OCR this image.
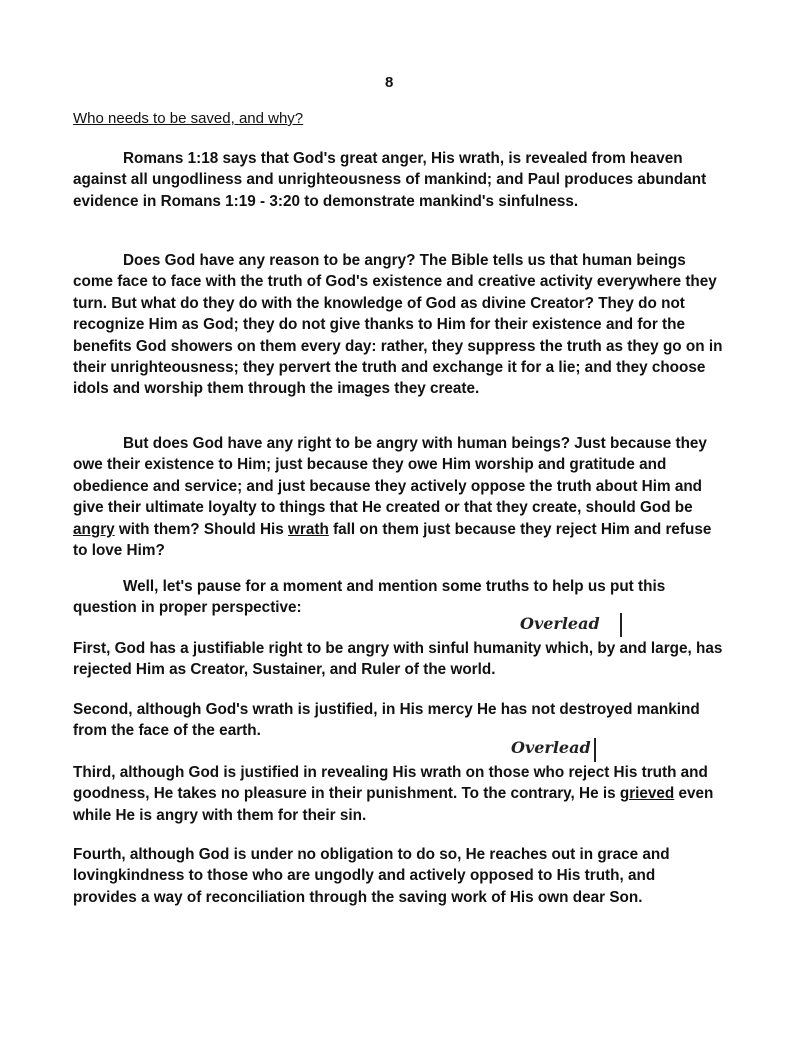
8
Who needs to be saved, and why?

Romans 1:18 says that God's great anger, His wrath, is revealed from heaven against all ungodliness and unrighteousness of mankind; and Paul produces abundant evidence in Romans 1:19 - 3:20 to demonstrate mankind's sinfulness.

Does God have any reason to be angry? The Bible tells us that human beings come face to face with the truth of God's existence and creative activity everywhere they turn. But what do they do with the knowledge of God as divine Creator? They do not recognize Him as God; they do not give thanks to Him for their existence and for the benefits God showers on them every day: rather, they suppress the truth as they go on in their unrighteousness; they pervert the truth and exchange it for a lie; and they choose idols and worship them through the images they create.

But does God have any right to be angry with human beings? Just because they owe their existence to Him; just because they owe Him worship and gratitude and obedience and service; and just because they actively oppose the truth about Him and give their ultimate loyalty to things that He created or that they create, should God be angry with them? Should His wrath fall on them just because they reject Him and refuse to love Him?

Well, let's pause for a moment and mention some truths to help us put this question in proper perspective:

Overlead

First, God has a justifiable right to be angry with sinful humanity which, by and large, has rejected Him as Creator, Sustainer, and Ruler of the world.

Second, although God's wrath is justified, in His mercy He has not destroyed mankind from the face of the earth.

Overlead

Third, although God is justified in revealing His wrath on those who reject His truth and goodness, He takes no pleasure in their punishment. To the contrary, He is grieved even while He is angry with them for their sin.

Fourth, although God is under no obligation to do so, He reaches out in grace and lovingkindness to those who are ungodly and actively opposed to His truth, and provides a way of reconciliation through the saving work of His own dear Son.
